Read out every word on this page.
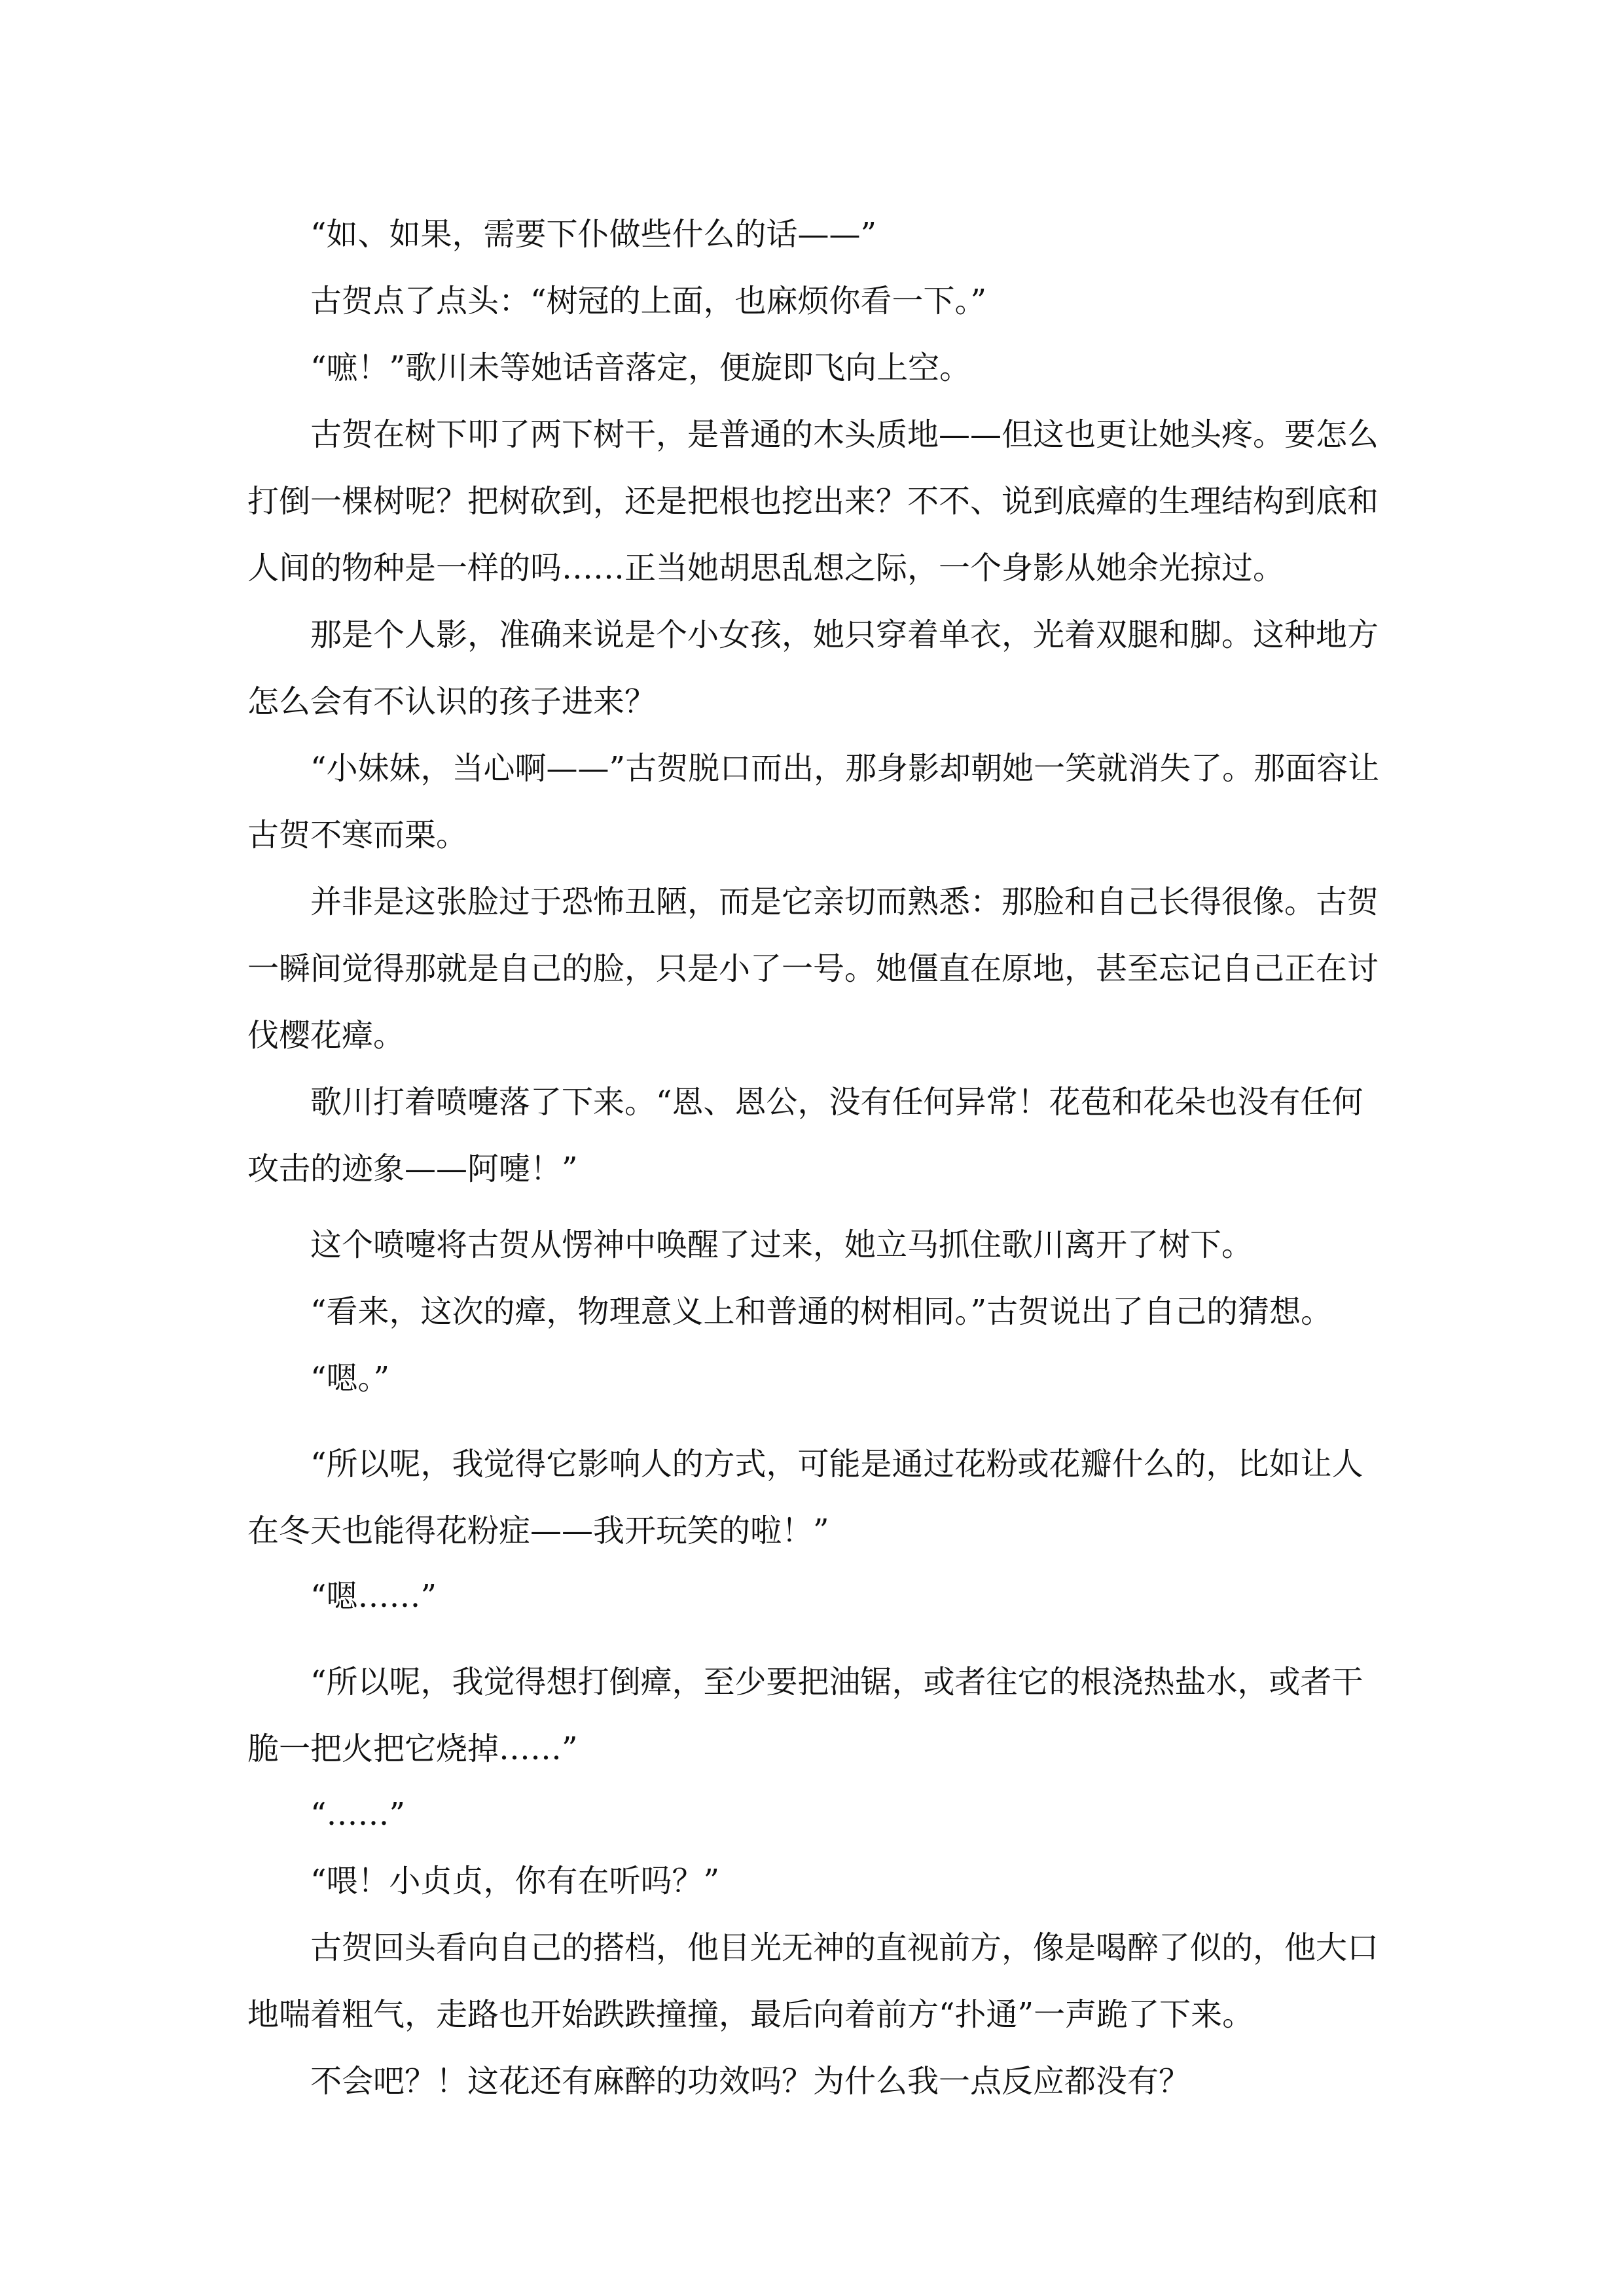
“如、如果，需要下仆做些什么的话——”

古贺点了点头：“树冠的上面，也麻烦你看一下。”

“嗻！”歌川未等她话音落定，便旋即飞向上空。

古贺在树下叩了两下树干，是普通的木头质地——但这也更让她头疼。要怎么打倒一棵树呢？把树砍到，还是把根也挖出来？不不、说到底瘴的生理结构到底和人间的物种是一样的吗……正当她胡思乱想之际，一个身影从她余光掠过。

那是个人影，准确来说是个小女孩，她只穿着单衣，光着双腿和脚。这种地方怎么会有不认识的孩子进来？

“小妹妹，当心啊——”古贺脱口而出，那身影却朝她一笑就消失了。那面容让古贺不寒而栗。

并非是这张脸过于恐怖丑陋，而是它亲切而熟悉：那脸和自己长得很像。古贺一瞬间觉得那就是自己的脸，只是小了一号。她僵直在原地，甚至忘记自己正在讨伐樱花瘴。

歌川打着喷嚏落了下来。“恩、恩公，没有任何异常！花苞和花朵也没有任何攻击的迹象——阿嚏！”

这个喷嚏将古贺从愣神中唤醒了过来，她立马抓住歌川离开了树下。

“看来，这次的瘴，物理意义上和普通的树相同。”古贺说出了自己的猜想。

“嗯。”

“所以呢，我觉得它影响人的方式，可能是通过花粉或花瓣什么的，比如让人在冬天也能得花粉症——我开玩笑的啦！”

“嗯……”

“所以呢，我觉得想打倒瘴，至少要把油锯，或者往它的根浇热盐水，或者干脆一把火把它烧掉……”

“……”

“喂！小贞贞，你有在听吗？”

古贺回头看向自己的搭档，他目光无神的直视前方，像是喝醉了似的，他大口地喘着粗气，走路也开始跌跌撞撞，最后向着前方“扑通”一声跪了下来。

不会吧？！这花还有麻醉的功效吗？为什么我一点反应都没有？
